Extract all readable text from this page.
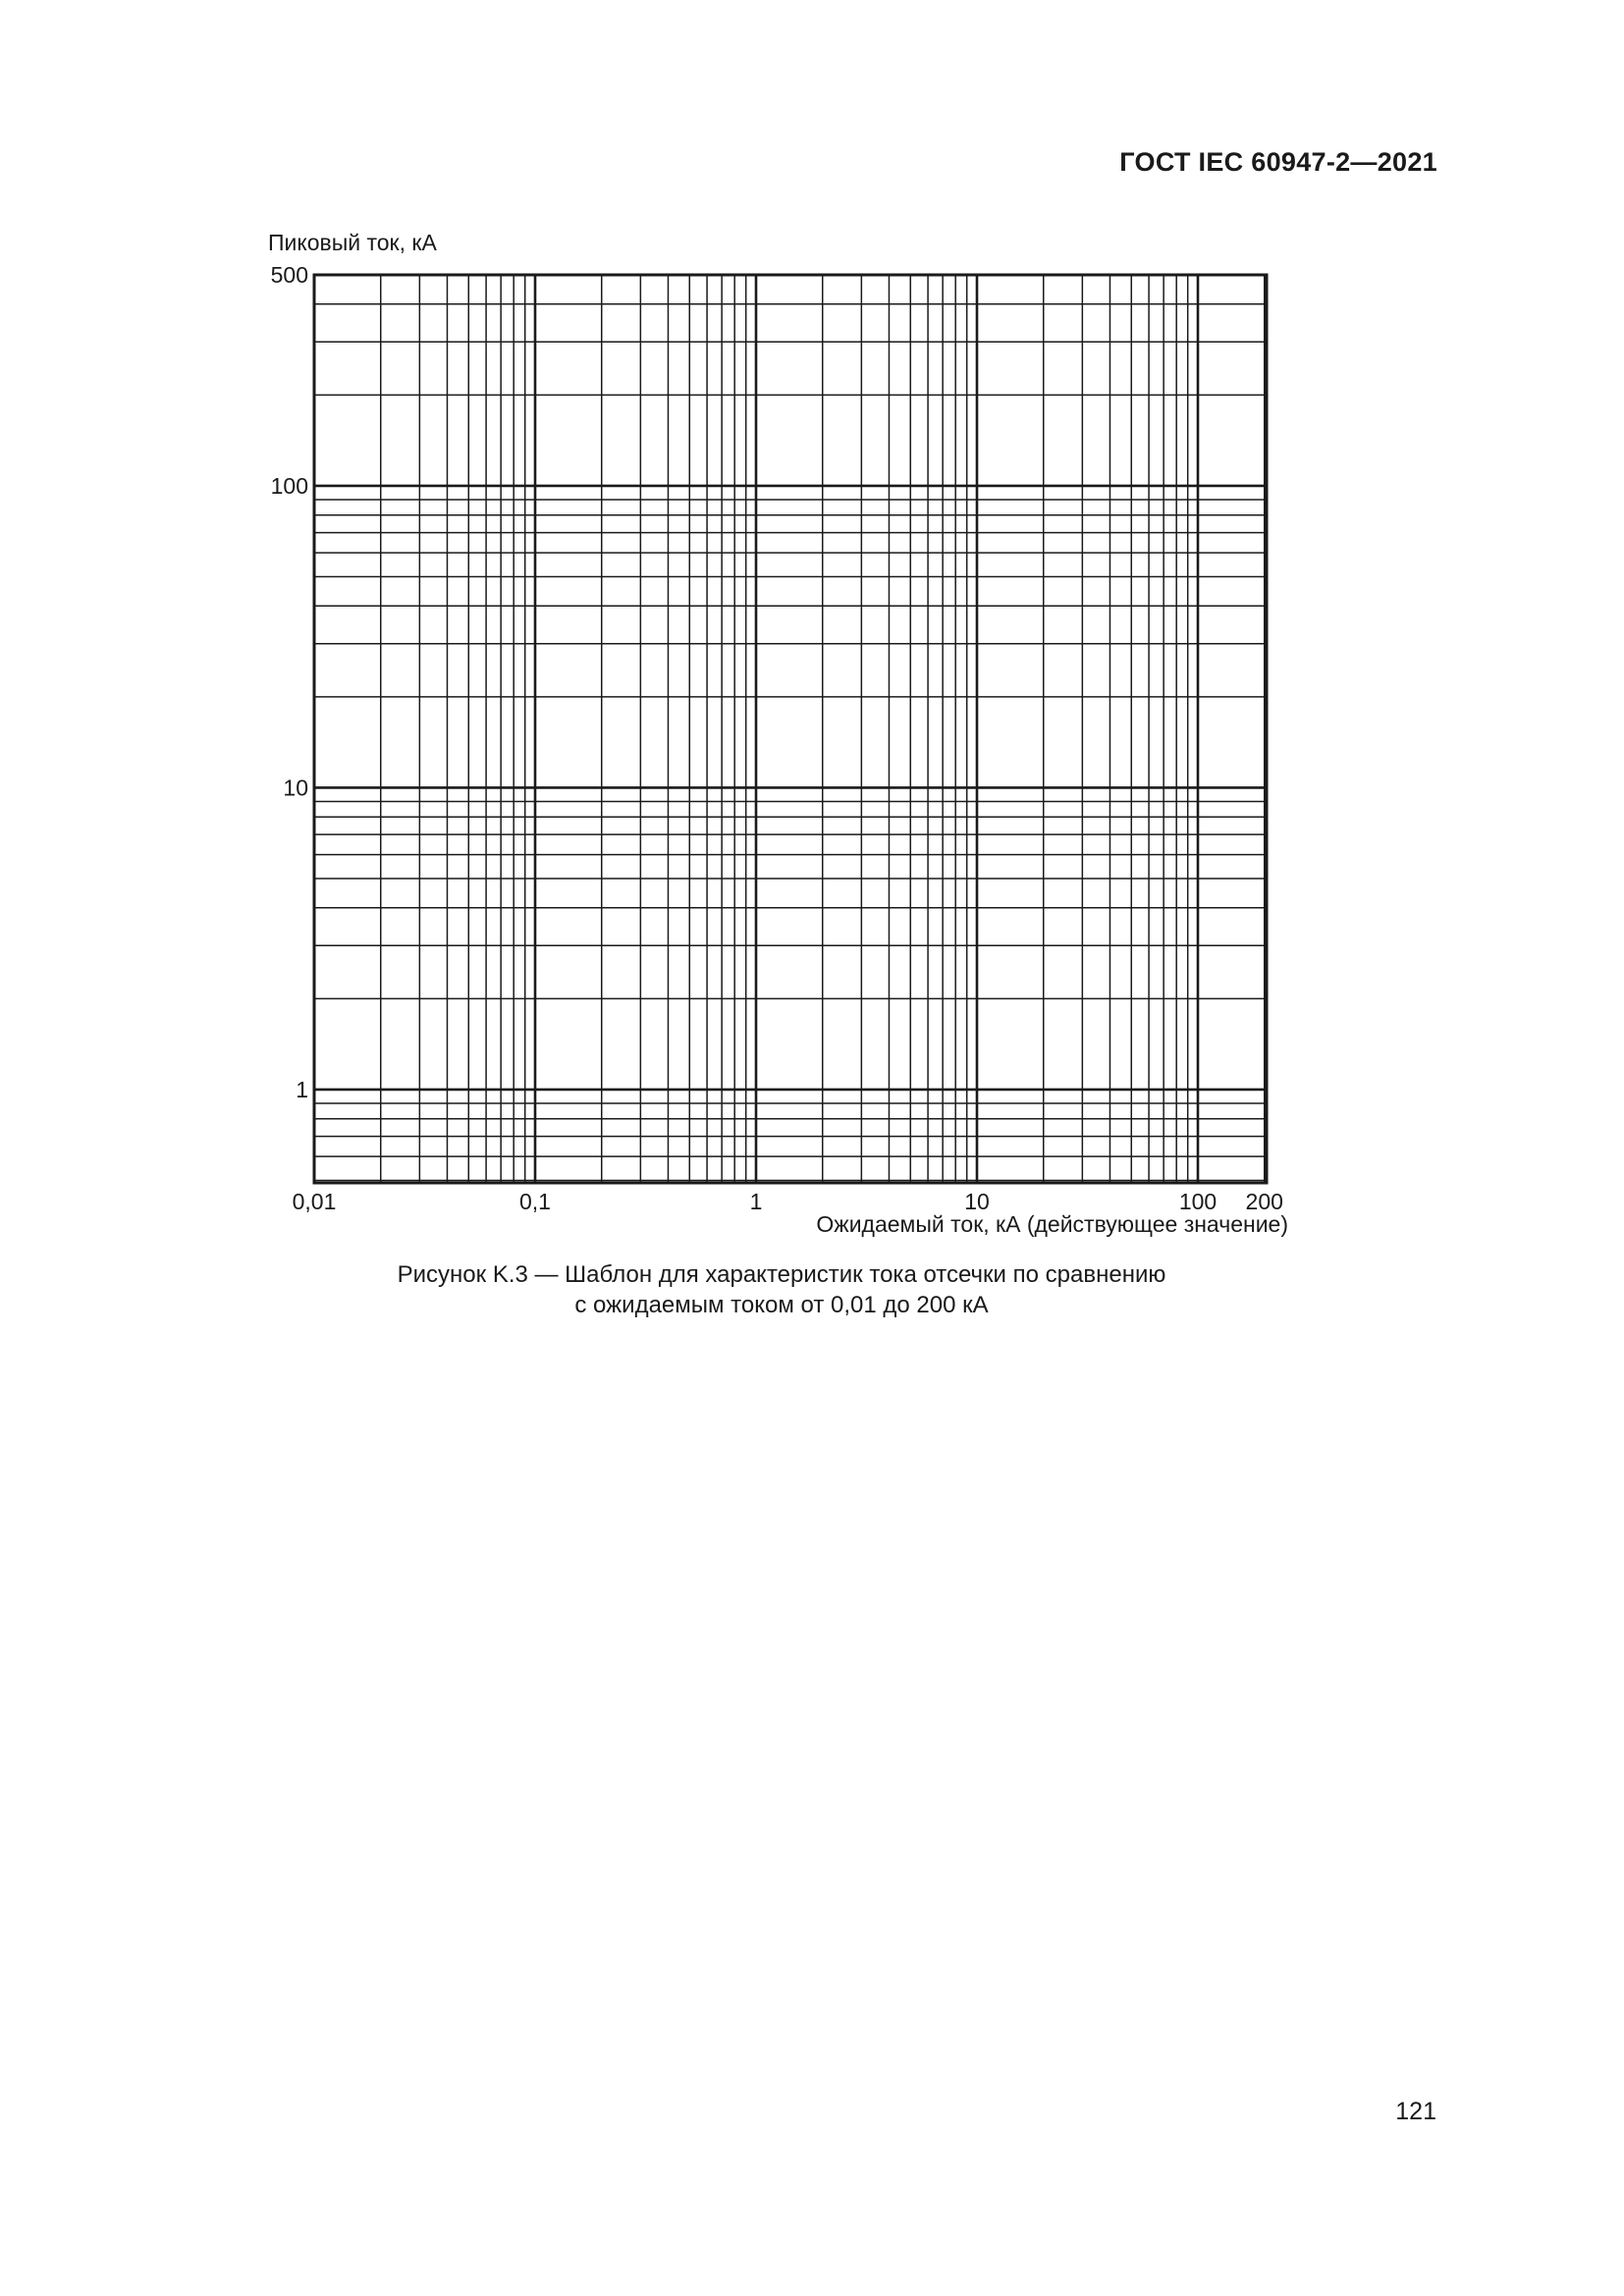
ГОСТ IEC 60947-2—2021
0,01	0,1	1	10	100 200
1
10
100
500
Пиковый ток, кА
Ожидаемый ток, кА (действующее значение)
Рисунок K.3 — Шаблон для характеристик тока отсечки по сравнению
с ожидаемым током от 0,01 до 200 кА
121
